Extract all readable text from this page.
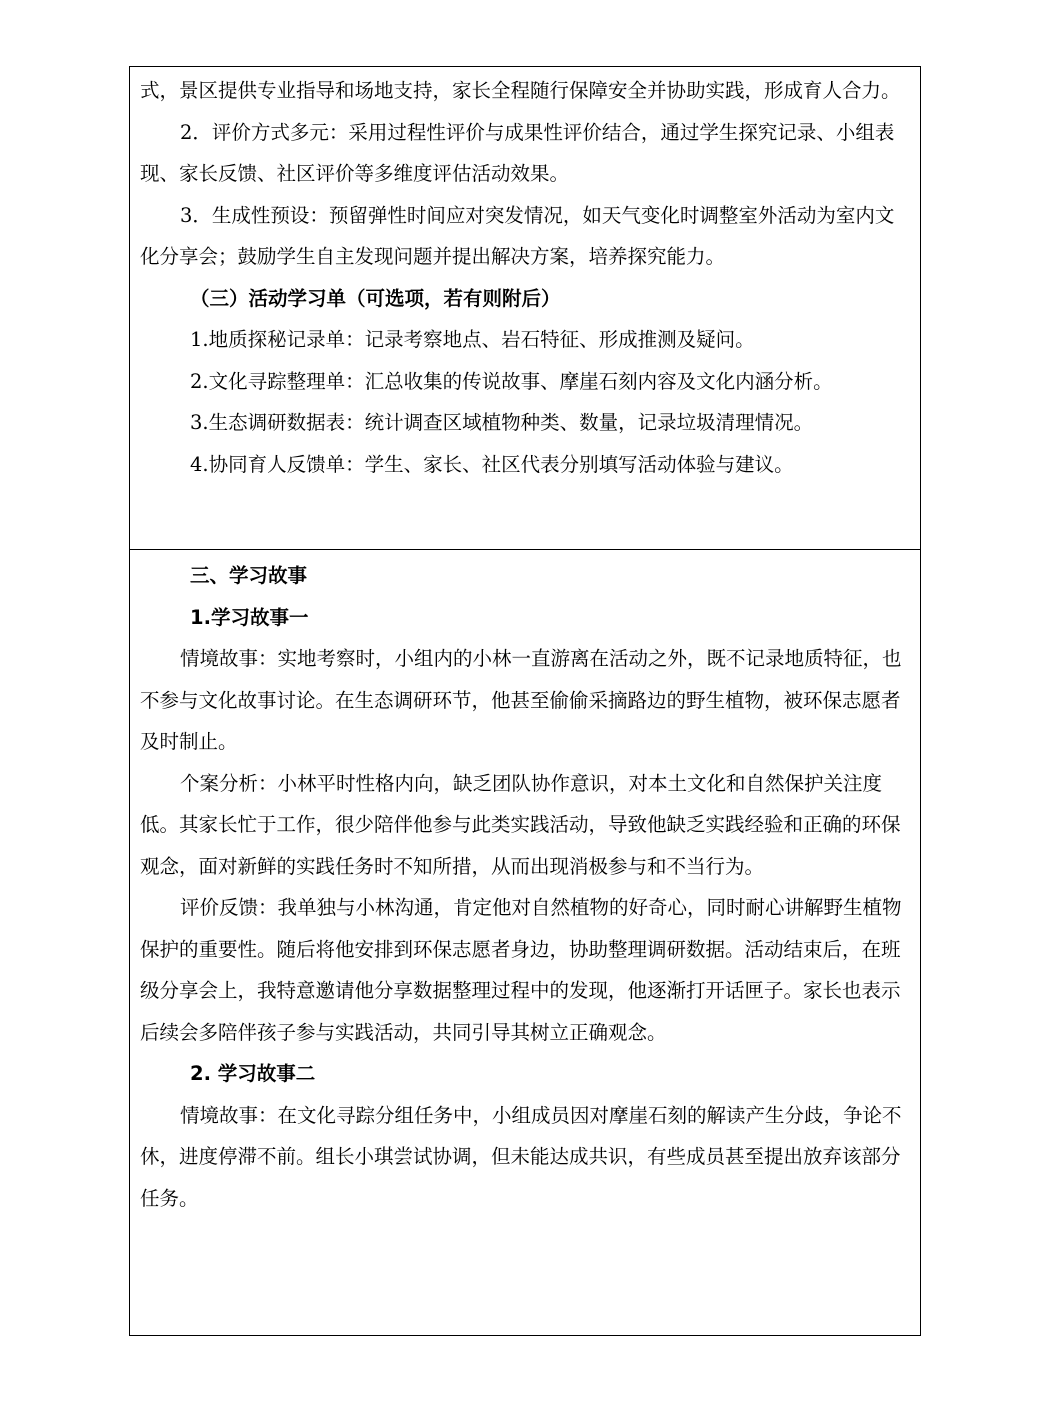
式，景区提供专业指导和场地支持，家长全程随行保障安全并协助实践，形成育人合力。

2．评价方式多元：采用过程性评价与成果性评价结合，通过学生探究记录、小组表现、家长反馈、社区评价等多维度评估活动效果。

3．生成性预设：预留弹性时间应对突发情况，如天气变化时调整室外活动为室内文化分享会；鼓励学生自主发现问题并提出解决方案，培养探究能力。

（三）活动学习单（可选项，若有则附后）

1.地质探秘记录单：记录考察地点、岩石特征、形成推测及疑问。

2.文化寻踪整理单：汇总收集的传说故事、摩崖石刻内容及文化内涵分析。

3.生态调研数据表：统计调查区域植物种类、数量，记录垃圾清理情况。

4.协同育人反馈单：学生、家长、社区代表分别填写活动体验与建议。

三、学习故事

1.学习故事一

情境故事：实地考察时，小组内的小林一直游离在活动之外，既不记录地质特征，也不参与文化故事讨论。在生态调研环节，他甚至偷偷采摘路边的野生植物，被环保志愿者及时制止。

个案分析：小林平时性格内向，缺乏团队协作意识，对本土文化和自然保护关注度低。其家长忙于工作，很少陪伴他参与此类实践活动，导致他缺乏实践经验和正确的环保观念，面对新鲜的实践任务时不知所措，从而出现消极参与和不当行为。

评价反馈：我单独与小林沟通，肯定他对自然植物的好奇心，同时耐心讲解野生植物保护的重要性。随后将他安排到环保志愿者身边，协助整理调研数据。活动结束后，在班级分享会上，我特意邀请他分享数据整理过程中的发现，他逐渐打开话匣子。家长也表示后续会多陪伴孩子参与实践活动，共同引导其树立正确观念。

2. 学习故事二

情境故事：在文化寻踪分组任务中，小组成员因对摩崖石刻的解读产生分歧，争论不休，进度停滞不前。组长小琪尝试协调，但未能达成共识，有些成员甚至提出放弃该部分任务。
